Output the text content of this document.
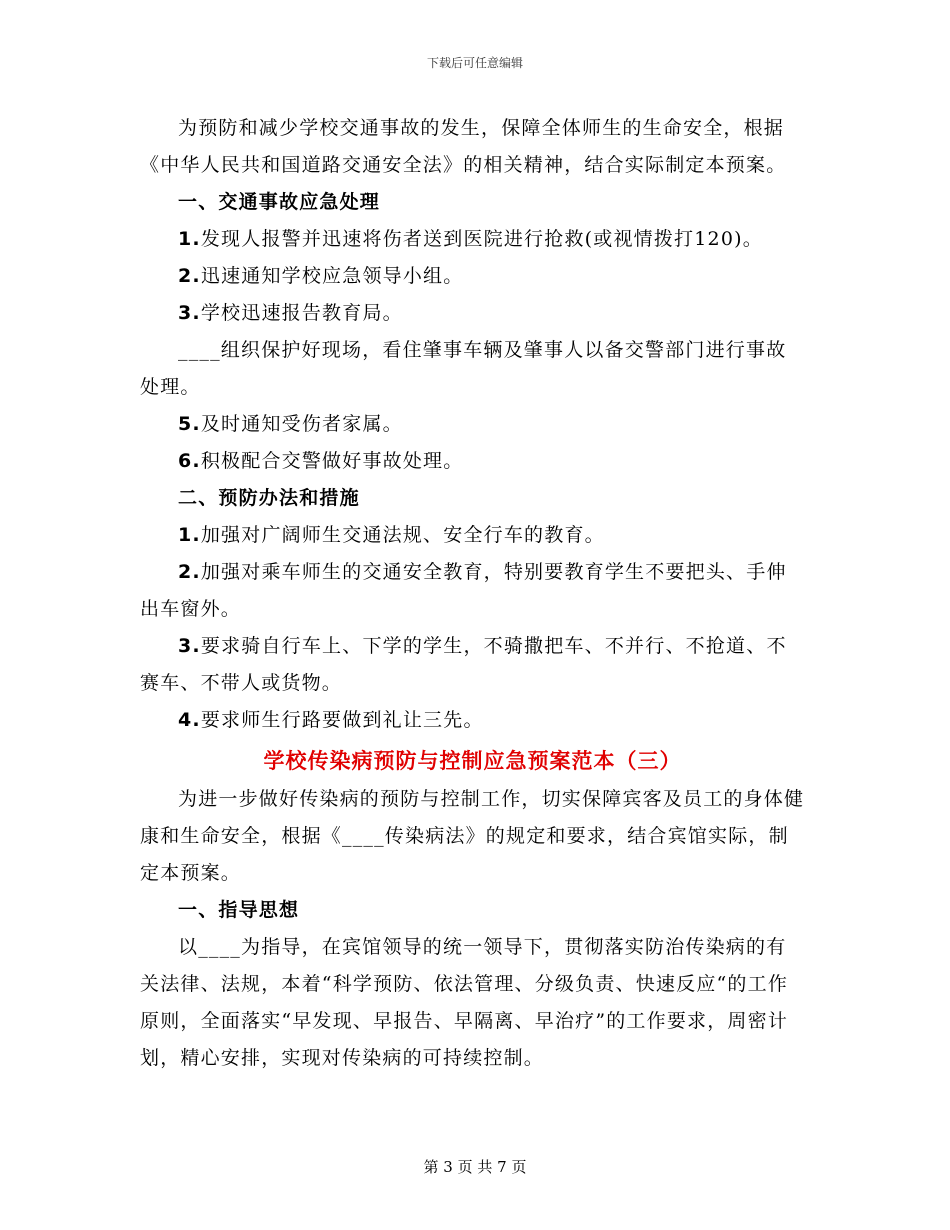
下载后可任意编辑

为预防和减少学校交通事故的发生，保障全体师生的生命安全，根据《中华人民共和国道路交通安全法》的相关精神，结合实际制定本预案。

一、交通事故应急处理

1.发现人报警并迅速将伤者送到医院进行抢救(或视情拨打120)。

2.迅速通知学校应急领导小组。

3.学校迅速报告教育局。

____组织保护好现场，看住肇事车辆及肇事人以备交警部门进行事故处理。

5.及时通知受伤者家属。

6.积极配合交警做好事故处理。

二、预防办法和措施

1.加强对广阔师生交通法规、安全行车的教育。

2.加强对乘车师生的交通安全教育，特别要教育学生不要把头、手伸出车窗外。

3.要求骑自行车上、下学的学生，不骑撒把车、不并行、不抢道、不赛车、不带人或货物。

4.要求师生行路要做到礼让三先。

学校传染病预防与控制应急预案范本（三）

为进一步做好传染病的预防与控制工作，切实保障宾客及员工的身体健康和生命安全，根据《____传染病法》的规定和要求，结合宾馆实际，制定本预案。

一、指导思想

以____为指导，在宾馆领导的统一领导下，贯彻落实防治传染病的有关法律、法规，本着“科学预防、依法管理、分级负责、快速反应“的工作原则，全面落实“早发现、早报告、早隔离、早治疗”的工作要求，周密计划，精心安排，实现对传染病的可持续控制。

第 3 页 共 7 页
